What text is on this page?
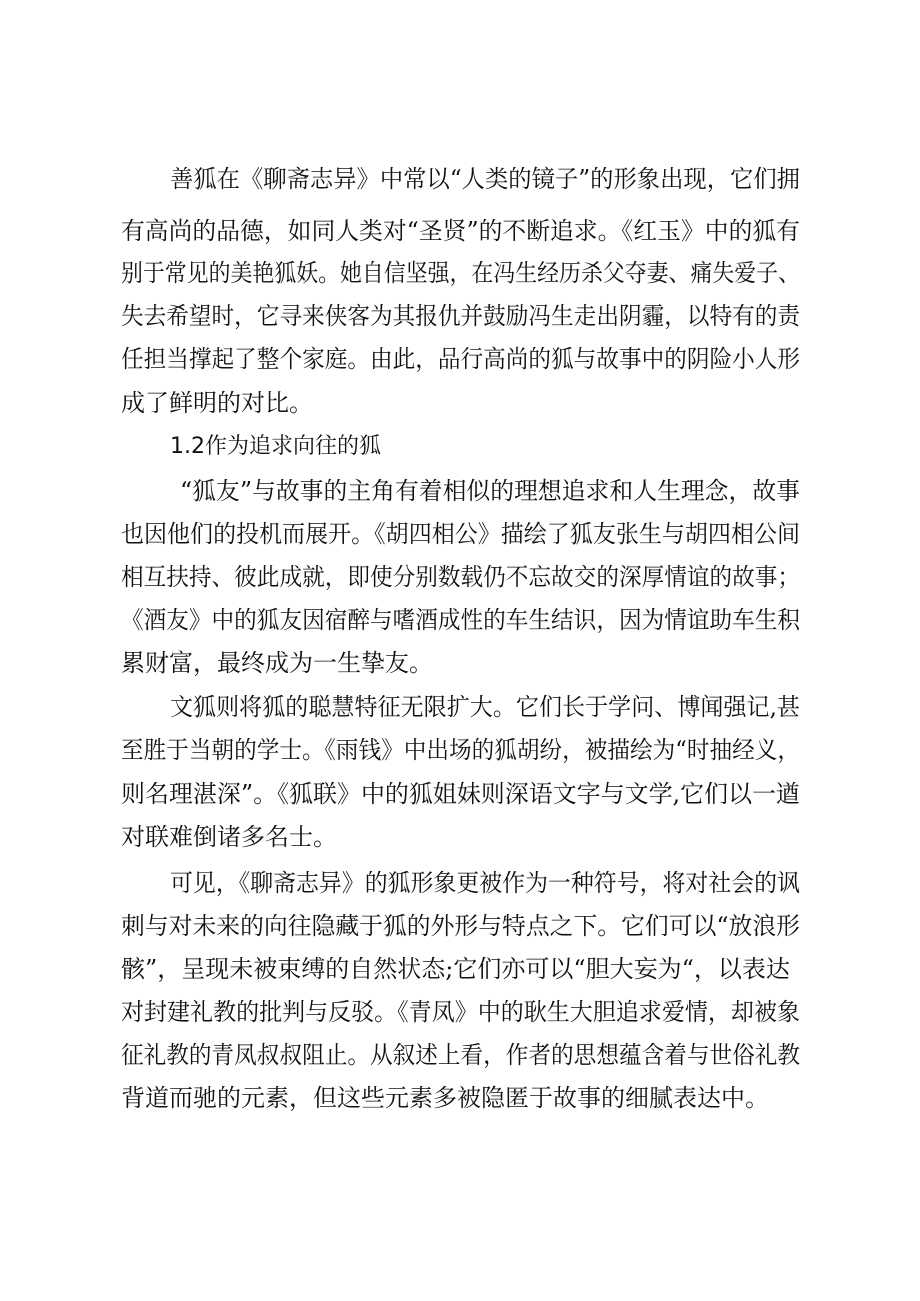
善狐在《聊斋志异》中常以“人类的镜子”的形象出现，它们拥
有高尚的品德，如同人类对“圣贤”的不断追求。《红玉》中的狐有
别于常见的美艳狐妖。她自信坚强，在冯生经历杀父夺妻、痛失爱子、
失去希望时，它寻来侠客为其报仇并鼓励冯生走出阴霾，以特有的责
任担当撑起了整个家庭。由此，品行高尚的狐与故事中的阴险小人形
成了鲜明的对比。
1.2作为追求向往的狐
“狐友”与故事的主角有着相似的理想追求和人生理念，故事
也因他们的投机而展开。《胡四相公》描绘了狐友张生与胡四相公间
相互扶持、彼此成就，即使分别数载仍不忘故交的深厚情谊的故事；
《酒友》中的狐友因宿醉与嗜酒成性的车生结识，因为情谊助车生积
累财富，最终成为一生挚友。
文狐则将狐的聪慧特征无限扩大。它们长于学问、博闻强记,甚
至胜于当朝的学士。《雨钱》中出场的狐胡纷，被描绘为“时抽经义，
则名理湛深”。《狐联》中的狐姐妹则深语文字与文学,它们以一遒
对联难倒诸多名士。
可见，《聊斋志异》的狐形象更被作为一种符号，将对社会的讽
刺与对未来的向往隐藏于狐的外形与特点之下。它们可以“放浪形
骸”，呈现未被束缚的自然状态;它们亦可以“胆大妄为“，以表达
对封建礼教的批判与反驳。《青凤》中的耿生大胆追求爱情，却被象
征礼教的青凤叔叔阻止。从叙述上看，作者的思想蕴含着与世俗礼教
背道而驰的元素，但这些元素多被隐匿于故事的细腻表达中。
